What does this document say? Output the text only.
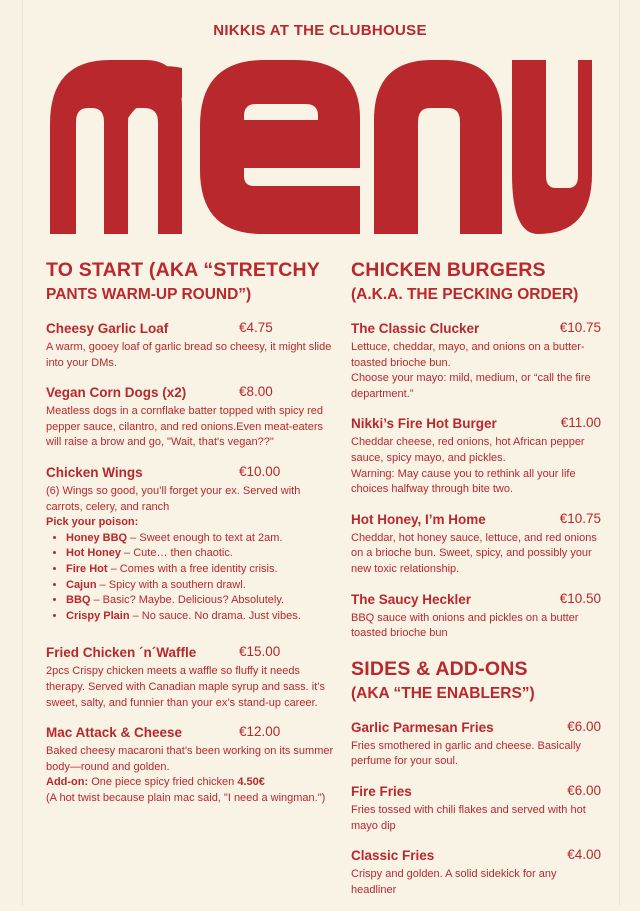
NIKKIS AT THE CLUBHOUSE
TO START (AKA “STRETCHY
PANTS WARM-UP ROUND”)
Cheesy Garlic Loaf	€4.75
A warm, gooey loaf of garlic bread so cheesy, it might slide into your DMs.
Vegan Corn Dogs (x2)	€8.00
Meatless dogs in a cornflake batter topped with spicy red pepper sauce, cilantro, and red onions.Even meat-eaters will raise a brow and go, "Wait, that's vegan??"
Chicken Wings	€10.00
(6) Wings so good, you’ll forget your ex. Served with carrots, celery, and ranch
Pick your poison:
• Honey BBQ – Sweet enough to text at 2am.
• Hot Honey – Cute… then chaotic.
• Fire Hot – Comes with a free identity crisis.
• Cajun – Spicy with a southern drawl.
• BBQ – Basic? Maybe. Delicious? Absolutely.
• Crispy Plain – No sauce. No drama. Just vibes.
Fried Chicken ´n´Waffle	€15.00
2pcs Crispy chicken meets a waffle so fluffy it needs therapy. Served with Canadian maple syrup and sass. it’s sweet, salty, and funnier than your ex’s stand-up career.
Mac Attack & Cheese	€12.00
Baked cheesy macaroni that’s been working on its summer body—round and golden.
Add-on: One piece spicy fried chicken 4.50€
(A hot twist because plain mac said, "I need a wingman.")
CHICKEN BURGERS
(A.K.A. THE PECKING ORDER)
The Classic Clucker	€10.75
Lettuce, cheddar, mayo, and onions on a butter-toasted brioche bun.
Choose your mayo: mild, medium, or “call the fire department.”
Nikki’s Fire Hot Burger	€11.00
Cheddar cheese, red onions, hot African pepper sauce, spicy mayo, and pickles.
Warning: May cause you to rethink all your life choices halfway through bite two.
Hot Honey, I’m Home	€10.75
Cheddar, hot honey sauce, lettuce, and red onions on a brioche bun. Sweet, spicy, and possibly your new toxic relationship.
The Saucy Heckler	€10.50
BBQ sauce with onions and pickles on a butter toasted brioche bun
SIDES & ADD-ONS
(AKA “THE ENABLERS”)
Garlic Parmesan Fries	€6.00
Fries smothered in garlic and cheese. Basically perfume for your soul.
Fire Fries	€6.00
Fries tossed with chili flakes and served with hot mayo dip
Classic Fries	€4.00
Crispy and golden. A solid sidekick for any headliner
